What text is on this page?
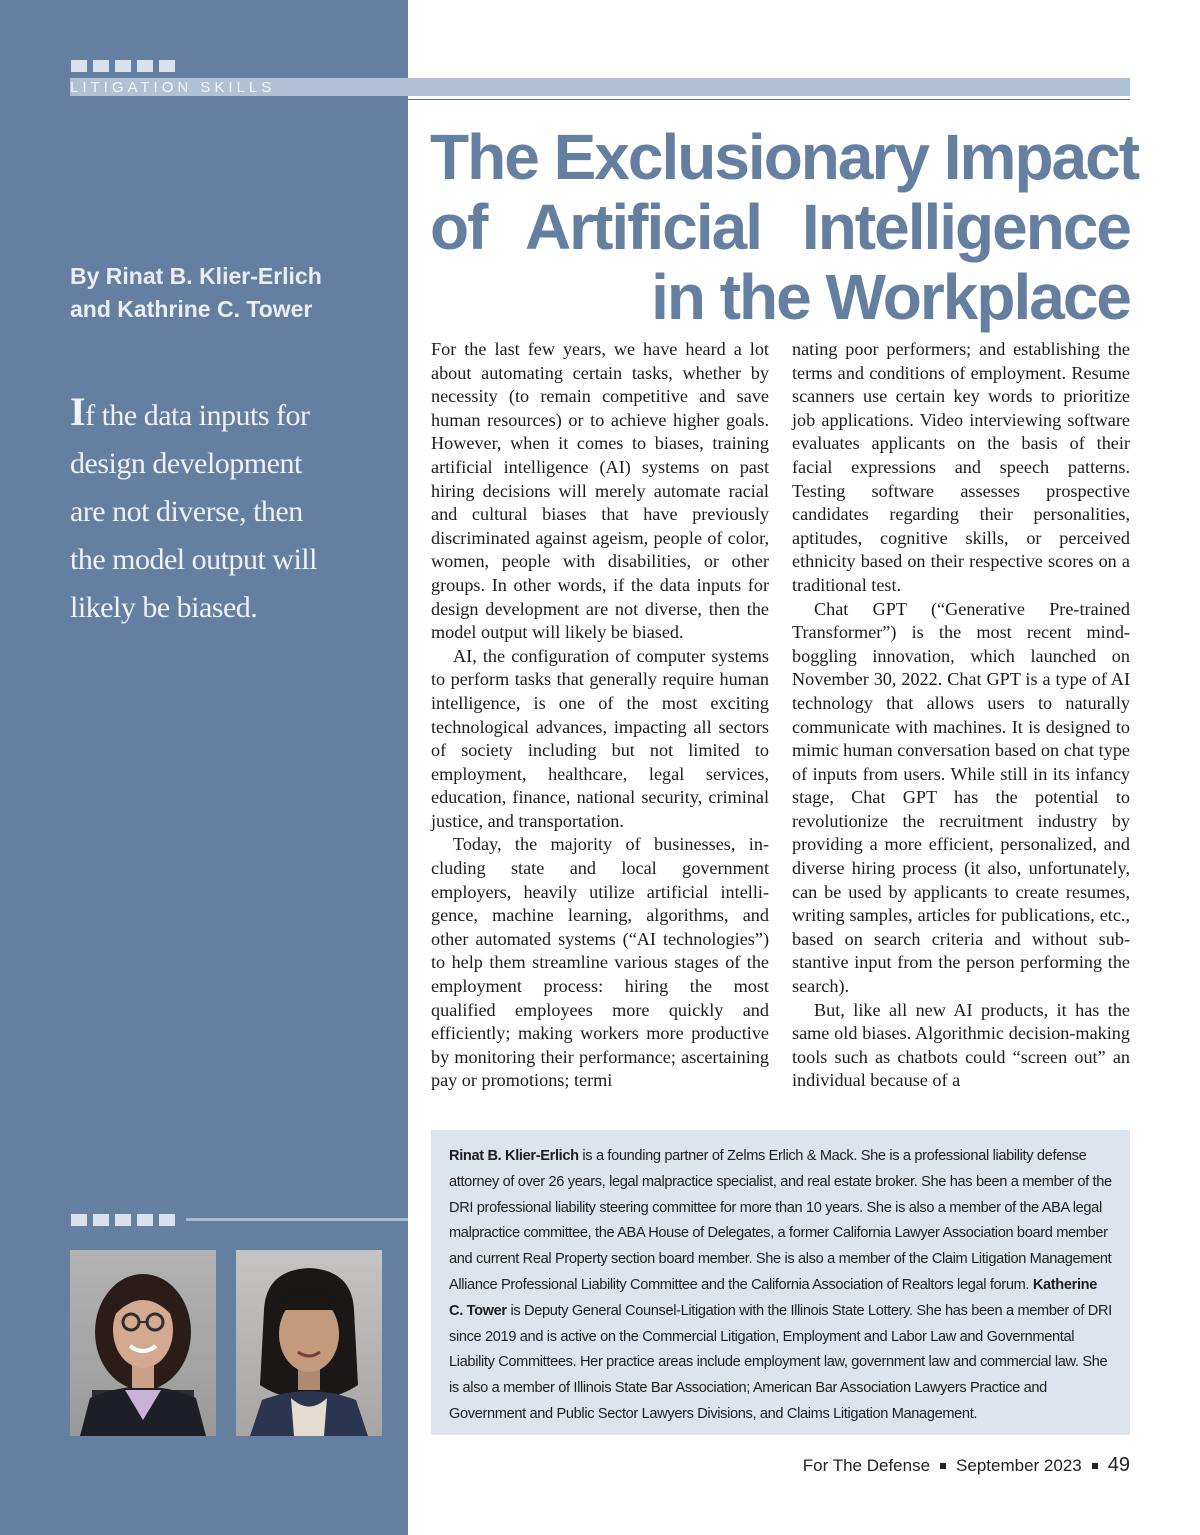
LITIGATION SKILLS
The Exclusionary Impact
of Artificial Intelligence
in the Workplace
By Rinat B. Klier-Erlich
and Kathrine C. Tower
If the data inputs for
design development
are not diverse, then
the model output will
likely be biased.

For the last few years, we have heard a lot about automating certain tasks, whether by necessity (to remain competitive and save human resources) or to achieve higher goals. However, when it comes to biases, training artificial intelligence (AI) systems on past hiring decisions will merely automate racial and cultural biases that have previously discriminated against ageism, people of color, women, people with disabilities, or other groups. In other words, if the data inputs for design development are not diverse, then the model output will likely be biased.

AI, the configuration of computer systems to perform tasks that generally require human intelligence, is one of the most exciting technological advances, impacting all sectors of society including but not limited to employment, healthcare, legal services, education, finance, national security, criminal justice, and transportation.

Today, the majority of businesses, including state and local government employers, heavily utilize artificial intelligence, machine learning, algorithms, and other automated systems (“AI technologies”) to help them streamline various stages of the employment process: hiring the most qualified employees more quickly and efficiently; making workers more productive by monitoring their performance; ascertaining pay or promotions; termi

nating poor performers; and establishing the terms and conditions of employment. Resume scanners use certain key words to prioritize job applications. Video interviewing software evaluates applicants on the basis of their facial expressions and speech patterns. Testing software assesses prospective candidates regarding their personalities, aptitudes, cognitive skills, or perceived ethnicity based on their respective scores on a traditional test.

Chat GPT (“Generative Pre-trained Transformer”) is the most recent mind-boggling innovation, which launched on November 30, 2022. Chat GPT is a type of AI technology that allows users to naturally communicate with machines. It is designed to mimic human conversation based on chat type of inputs from users. While still in its infancy stage, Chat GPT has the potential to revolutionize the recruitment industry by providing a more efficient, personalized, and diverse hiring process (it also, unfortunately, can be used by applicants to create resumes, writing samples, articles for publications, etc., based on search criteria and without substantive input from the person performing the search).

But, like all new AI products, it has the same old biases. Algorithmic decision-making tools such as chatbots could “screen out” an individual because of a

Rinat B. Klier-Erlich is a founding partner of Zelms Erlich & Mack. She is a professional liability defense attorney of over 26 years, legal malpractice specialist, and real estate broker. She has been a member of the DRI professional liability steering committee for more than 10 years. She is also a member of the ABA legal malpractice committee, the ABA House of Delegates, a former California Lawyer Association board member and current Real Property section board member. She is also a member of the Claim Litigation Management Alliance Professional Liability Committee and the California Association of Realtors legal forum. Katherine C. Tower is Deputy General Counsel-Litigation with the Illinois State Lottery. She has been a member of DRI since 2019 and is active on the Commercial Litigation, Employment and Labor Law and Governmental Liability Committees. Her practice areas include employment law, government law and commercial law. She is also a member of Illinois State Bar Association; American Bar Association Lawyers Practice and Government and Public Sector Lawyers Divisions, and Claims Litigation Management.
For The Defense September 2023 49
